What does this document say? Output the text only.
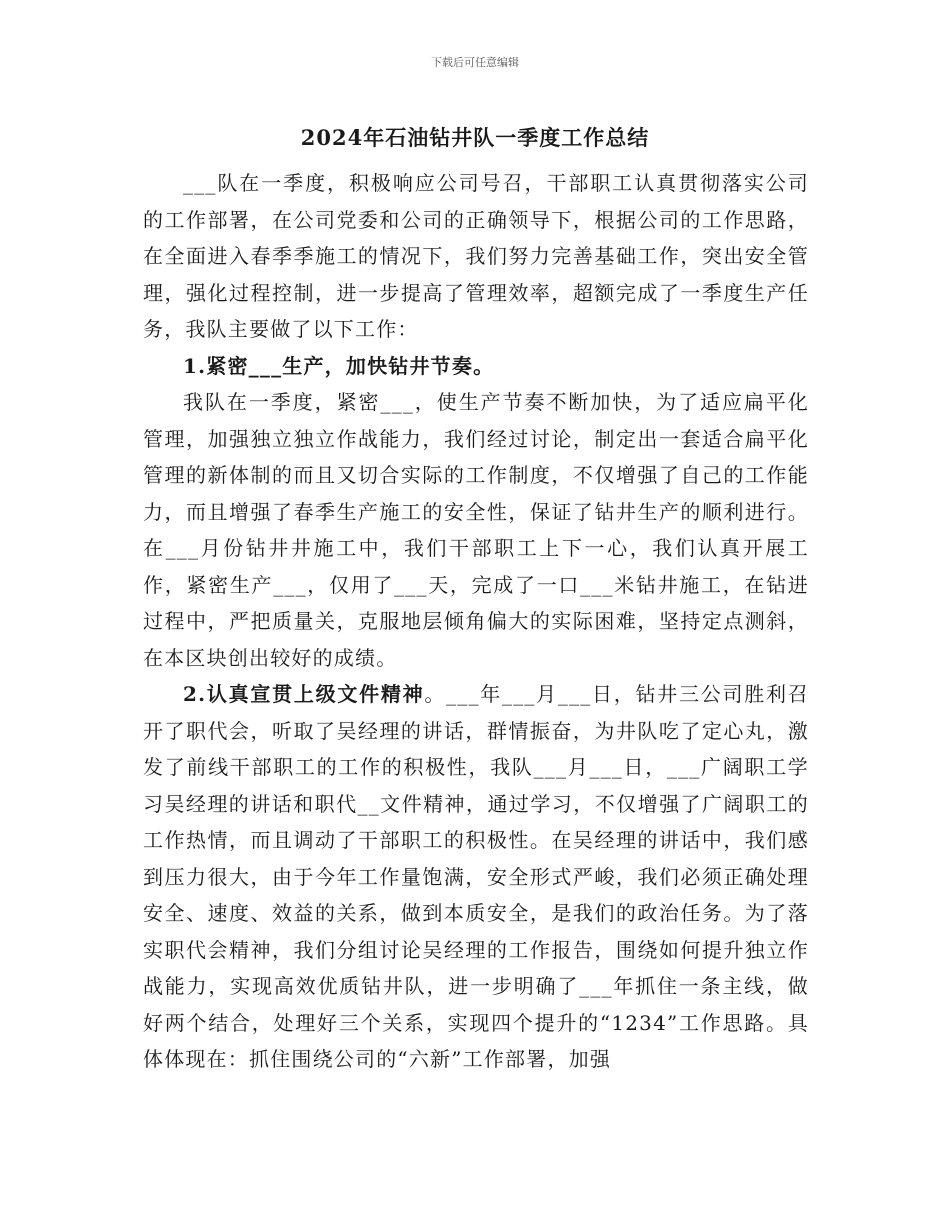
下载后可任意编辑
2024年石油钻井队一季度工作总结

___队在一季度，积极响应公司号召，干部职工认真贯彻落实公司的工作部署，在公司党委和公司的正确领导下，根据公司的工作思路，在全面进入春季季施工的情况下，我们努力完善基础工作，突出安全管理，强化过程控制，进一步提高了管理效率，超额完成了一季度生产任务，我队主要做了以下工作：

1.紧密___生产，加快钻井节奏。

我队在一季度，紧密___，使生产节奏不断加快，为了适应扁平化管理，加强独立独立作战能力，我们经过讨论，制定出一套适合扁平化管理的新体制的而且又切合实际的工作制度，不仅增强了自己的工作能力，而且增强了春季生产施工的安全性，保证了钻井生产的顺利进行。在___月份钻井井施工中，我们干部职工上下一心，我们认真开展工作，紧密生产___，仅用了___天，完成了一口___米钻井施工，在钻进过程中，严把质量关，克服地层倾角偏大的实际困难，坚持定点测斜，在本区块创出较好的成绩。

2.认真宣贯上级文件精神。___年___月___日，钻井三公司胜利召开了职代会，听取了吴经理的讲话，群情振奋，为井队吃了定心丸，激发了前线干部职工的工作的积极性，我队___月___日，___广阔职工学习吴经理的讲话和职代__文件精神，通过学习，不仅增强了广阔职工的工作热情，而且调动了干部职工的积极性。在吴经理的讲话中，我们感到压力很大，由于今年工作量饱满，安全形式严峻，我们必须正确处理安全、速度、效益的关系，做到本质安全，是我们的政治任务。为了落实职代会精神，我们分组讨论吴经理的工作报告，围绕如何提升独立作战能力，实现高效优质钻井队，进一步明确了___年抓住一条主线，做好两个结合，处理好三个关系，实现四个提升的“1234”工作思路。具体体现在：抓住围绕公司的“六新”工作部署，加强
